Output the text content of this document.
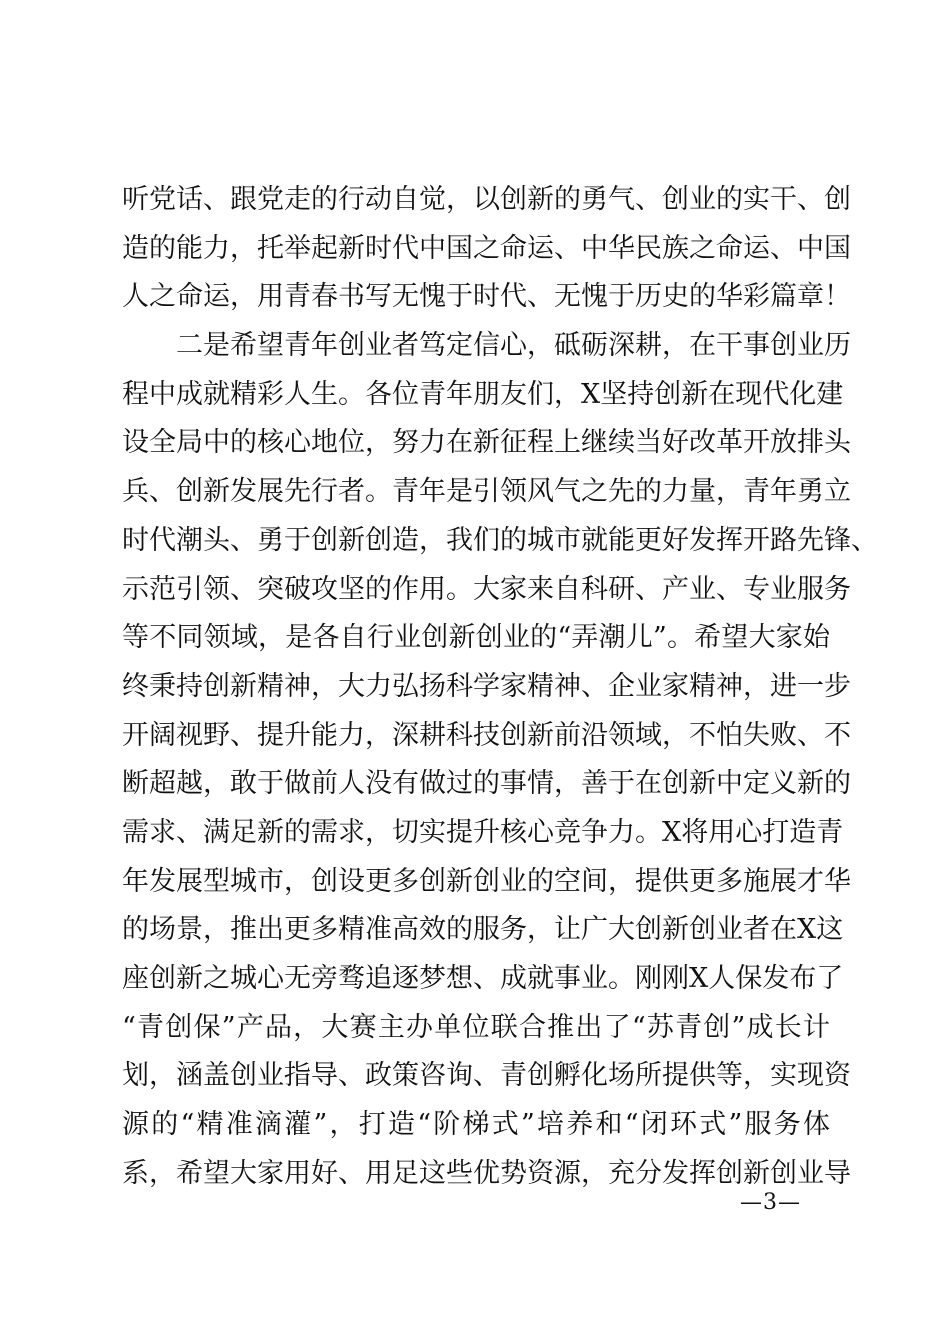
听党话、跟党走的行动自觉，以创新的勇气、创业的实干、创
造的能力，托举起新时代中国之命运、中华民族之命运、中国
人之命运，用青春书写无愧于时代、无愧于历史的华彩篇章！
　　二是希望青年创业者笃定信心，砥砺深耕，在干事创业历
程中成就精彩人生。各位青年朋友们，X坚持创新在现代化建
设全局中的核心地位，努力在新征程上继续当好改革开放排头
兵、创新发展先行者。青年是引领风气之先的力量，青年勇立
时代潮头、勇于创新创造，我们的城市就能更好发挥开路先锋、
示范引领、突破攻坚的作用。大家来自科研、产业、专业服务
等不同领域，是各自行业创新创业的“弄潮儿”。希望大家始
终秉持创新精神，大力弘扬科学家精神、企业家精神，进一步
开阔视野、提升能力，深耕科技创新前沿领域，不怕失败、不
断超越，敢于做前人没有做过的事情，善于在创新中定义新的
需求、满足新的需求，切实提升核心竞争力。X将用心打造青
年发展型城市，创设更多创新创业的空间，提供更多施展才华
的场景，推出更多精准高效的服务，让广大创新创业者在X这
座创新之城心无旁骛追逐梦想、成就事业。刚刚X人保发布了
“青创保”产品，大赛主办单位联合推出了“苏青创”成长计
划，涵盖创业指导、政策咨询、青创孵化场所提供等，实现资
源的“精准滴灌”，打造“阶梯式”培养和“闭环式”服务体
系，希望大家用好、用足这些优势资源，充分发挥创新创业导
—3—
